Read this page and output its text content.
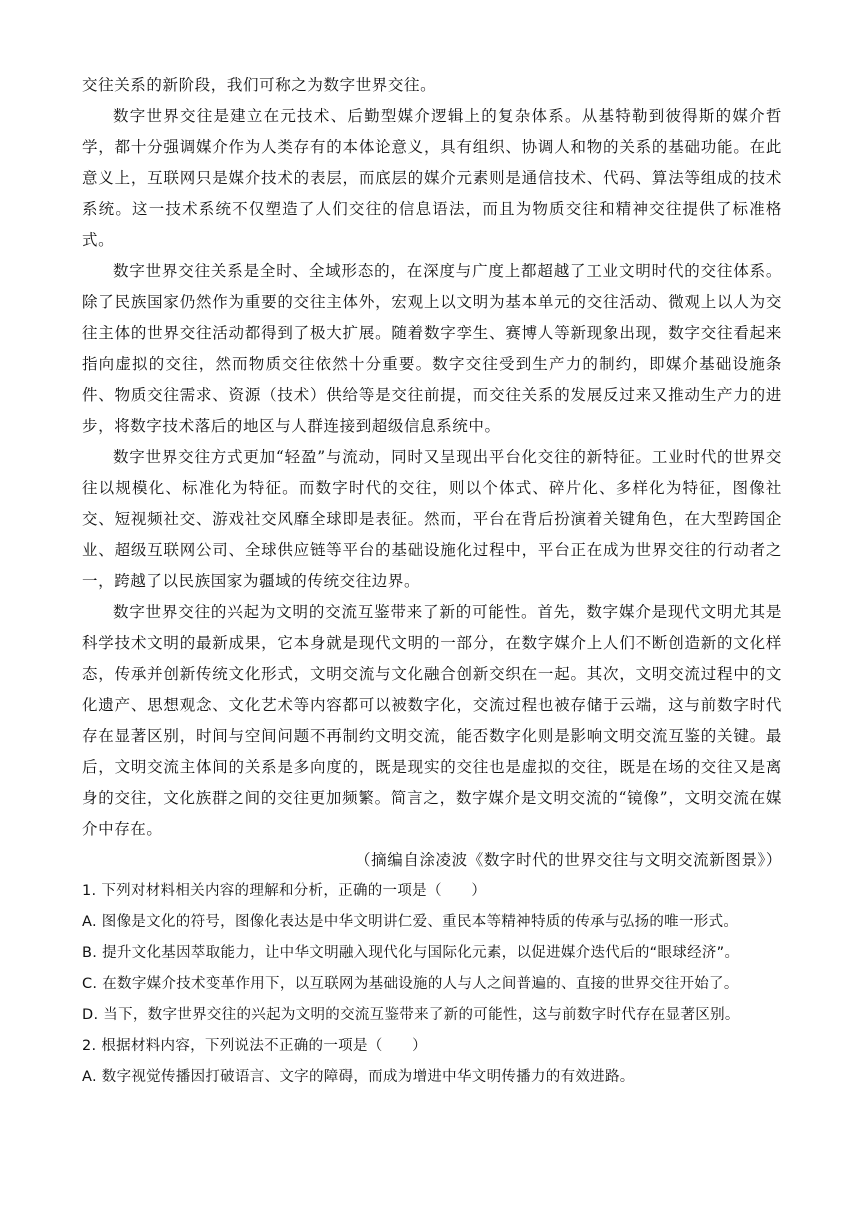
交往关系的新阶段，我们可称之为数字世界交往。

数字世界交往是建立在元技术、后勤型媒介逻辑上的复杂体系。从基特勒到彼得斯的媒介哲学，都十分强调媒介作为人类存有的本体论意义，具有组织、协调人和物的关系的基础功能。在此意义上，互联网只是媒介技术的表层，而底层的媒介元素则是通信技术、代码、算法等组成的技术系统。这一技术系统不仅塑造了人们交往的信息语法，而且为物质交往和精神交往提供了标准格式。

数字世界交往关系是全时、全域形态的，在深度与广度上都超越了工业文明时代的交往体系。除了民族国家仍然作为重要的交往主体外，宏观上以文明为基本单元的交往活动、微观上以人为交往主体的世界交往活动都得到了极大扩展。随着数字孪生、赛博人等新现象出现，数字交往看起来指向虚拟的交往，然而物质交往依然十分重要。数字交往受到生产力的制约，即媒介基础设施条件、物质交往需求、资源（技术）供给等是交往前提，而交往关系的发展反过来又推动生产力的进步，将数字技术落后的地区与人群连接到超级信息系统中。

数字世界交往方式更加“轻盈”与流动，同时又呈现出平台化交往的新特征。工业时代的世界交往以规模化、标准化为特征。而数字时代的交往，则以个体式、碎片化、多样化为特征，图像社交、短视频社交、游戏社交风靡全球即是表征。然而，平台在背后扮演着关键角色，在大型跨国企业、超级互联网公司、全球供应链等平台的基础设施化过程中，平台正在成为世界交往的行动者之一，跨越了以民族国家为疆域的传统交往边界。

数字世界交往的兴起为文明的交流互鉴带来了新的可能性。首先，数字媒介是现代文明尤其是科学技术文明的最新成果，它本身就是现代文明的一部分，在数字媒介上人们不断创造新的文化样态，传承并创新传统文化形式，文明交流与文化融合创新交织在一起。其次，文明交流过程中的文化遗产、思想观念、文化艺术等内容都可以被数字化，交流过程也被存储于云端，这与前数字时代存在显著区别，时间与空间问题不再制约文明交流，能否数字化则是影响文明交流互鉴的关键。最后，文明交流主体间的关系是多向度的，既是现实的交往也是虚拟的交往，既是在场的交往又是离身的交往，文化族群之间的交往更加频繁。简言之，数字媒介是文明交流的“镜像”，文明交流在媒介中存在。

（摘编自涂凌波《数字时代的世界交往与文明交流新图景》）

1. 下列对材料相关内容的理解和分析，正确的一项是（　　）

A. 图像是文化的符号，图像化表达是中华文明讲仁爱、重民本等精神特质的传承与弘扬的唯一形式。

B. 提升文化基因萃取能力，让中华文明融入现代化与国际化元素，以促进媒介迭代后的“眼球经济”。

C. 在数字媒介技术变革作用下，以互联网为基础设施的人与人之间普遍的、直接的世界交往开始了。

D. 当下，数字世界交往的兴起为文明的交流互鉴带来了新的可能性，这与前数字时代存在显著区别。

2. 根据材料内容，下列说法不正确的一项是（　　）

A. 数字视觉传播因打破语言、文字的障碍，而成为增进中华文明传播力的有效进路。
